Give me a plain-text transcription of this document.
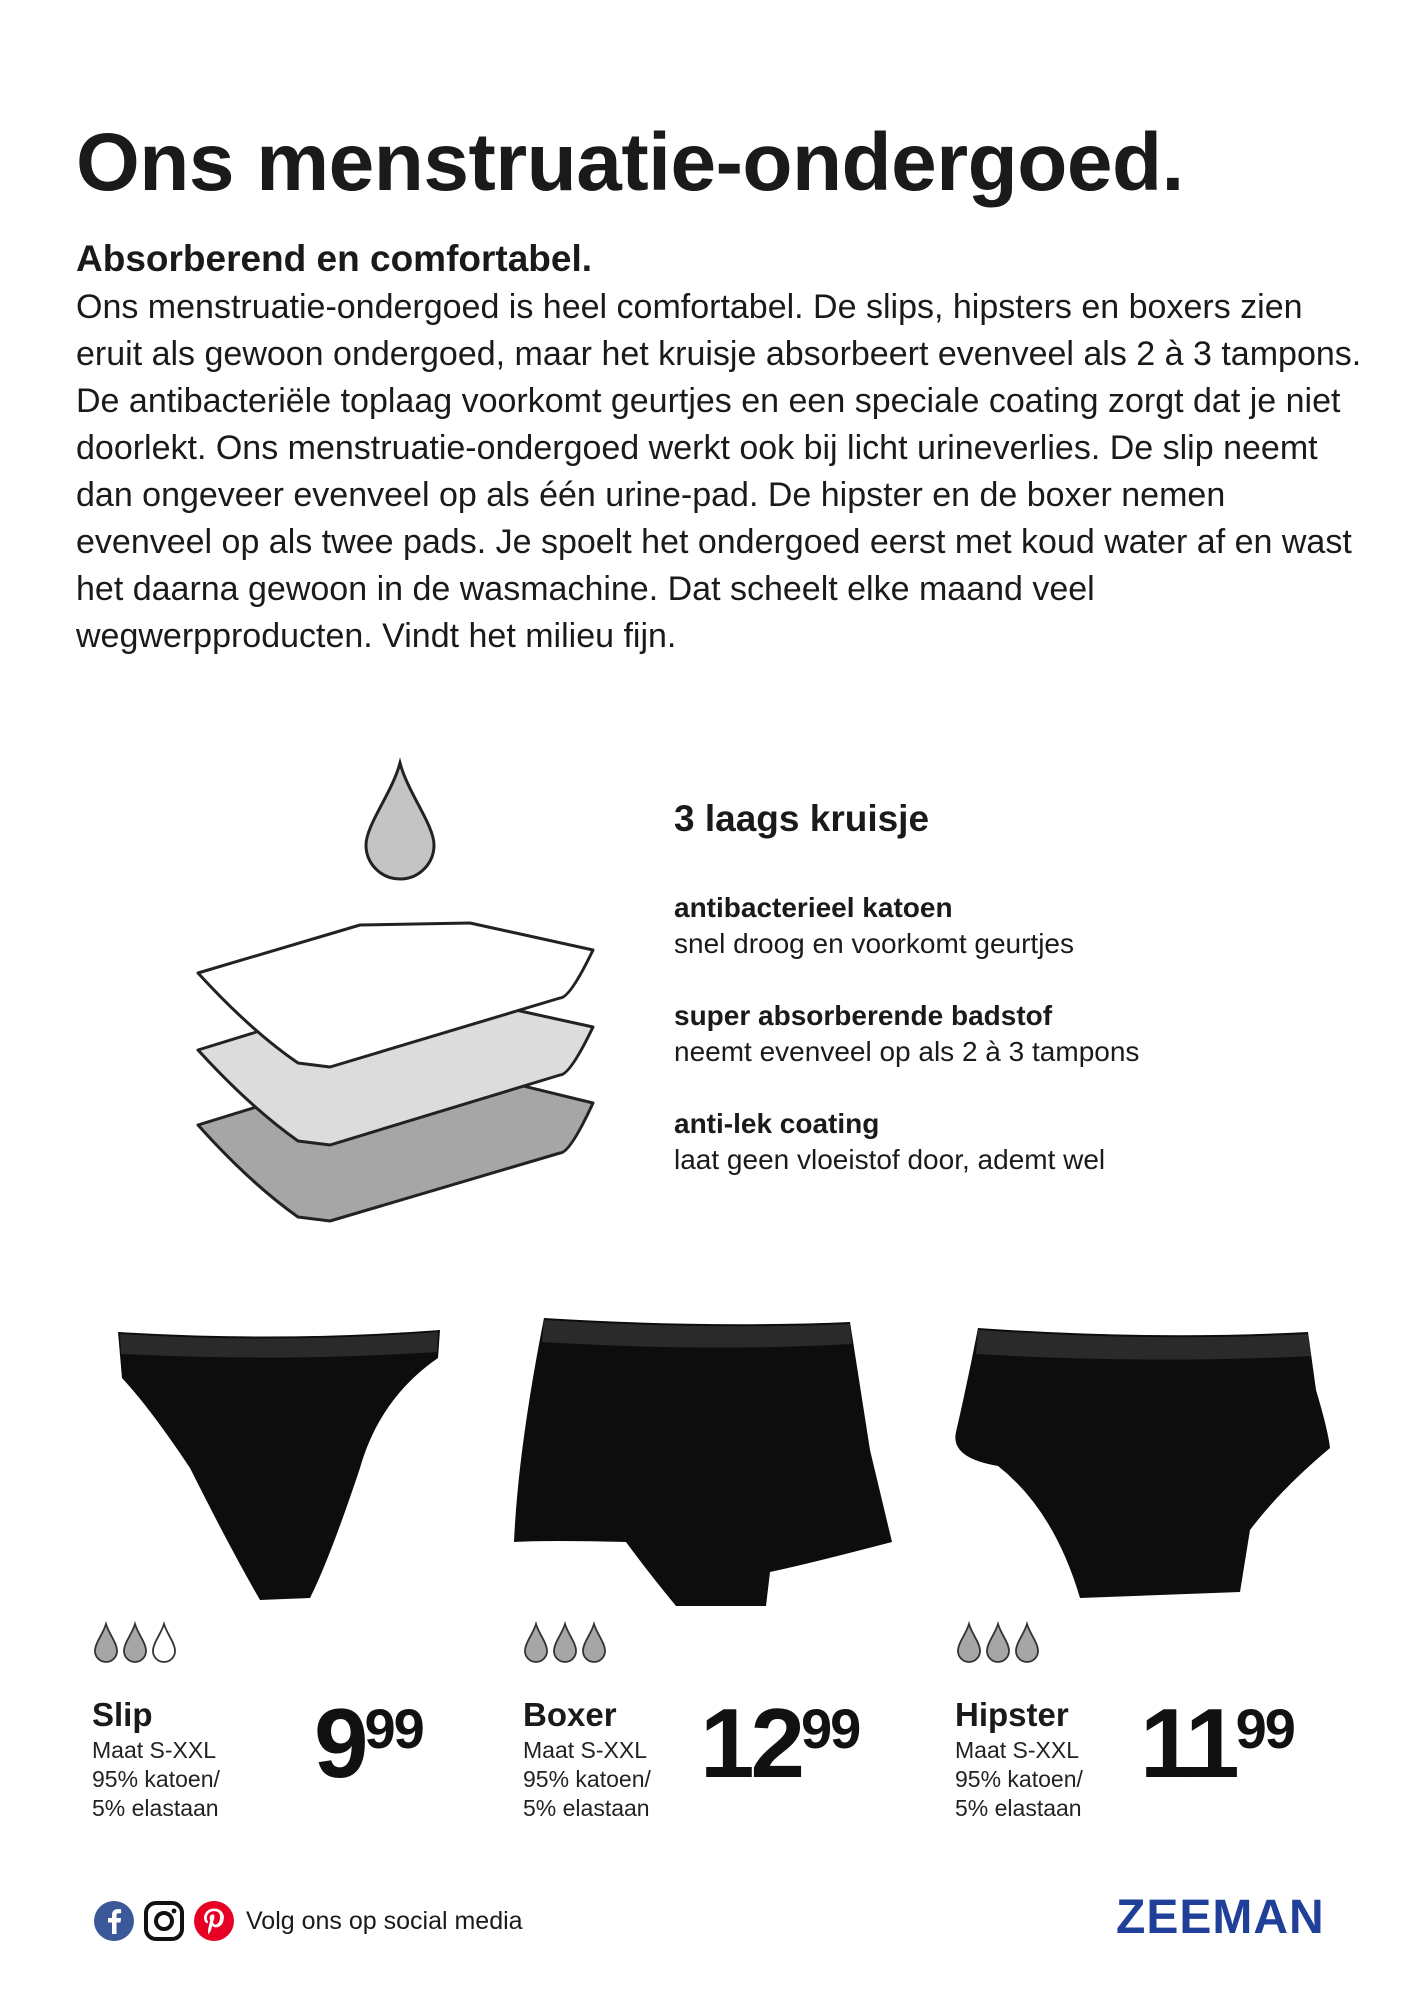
Ons menstruatie-ondergoed.
Absorberend en comfortabel.

Ons menstruatie-ondergoed is heel comfortabel. De slips, hipsters en boxers zien eruit als gewoon ondergoed, maar het kruisje absorbeert evenveel als 2 à 3 tampons. De antibacteriële toplaag voorkomt geurtjes en een speciale coating zorgt dat je niet doorlekt. Ons menstruatie-ondergoed werkt ook bij licht urineverlies. De slip neemt dan ongeveer evenveel op als één urine-pad. De hipster en de boxer nemen evenveel op als twee pads. Je spoelt het ondergoed eerst met koud water af en wast het daarna gewoon in de wasmachine. Dat scheelt elke maand veel wegwerpproducten. Vindt het milieu fijn.

3 laags kruisje
antibacterieel katoen
snel droog en voorkomt geurtjes
super absorberende badstof
neemt evenveel op als 2 à 3 tampons
anti-lek coating
laat geen vloeistof door, ademt wel
Slip
Maat S-XXL
95% katoen/
5% elastaan
999	Boxer
Maat S-XXL
95% katoen/
5% elastaan
1299	Hipster
Maat S-XXL
95% katoen/
5% elastaan
1199
Volg ons op social media	ZEEMAN
